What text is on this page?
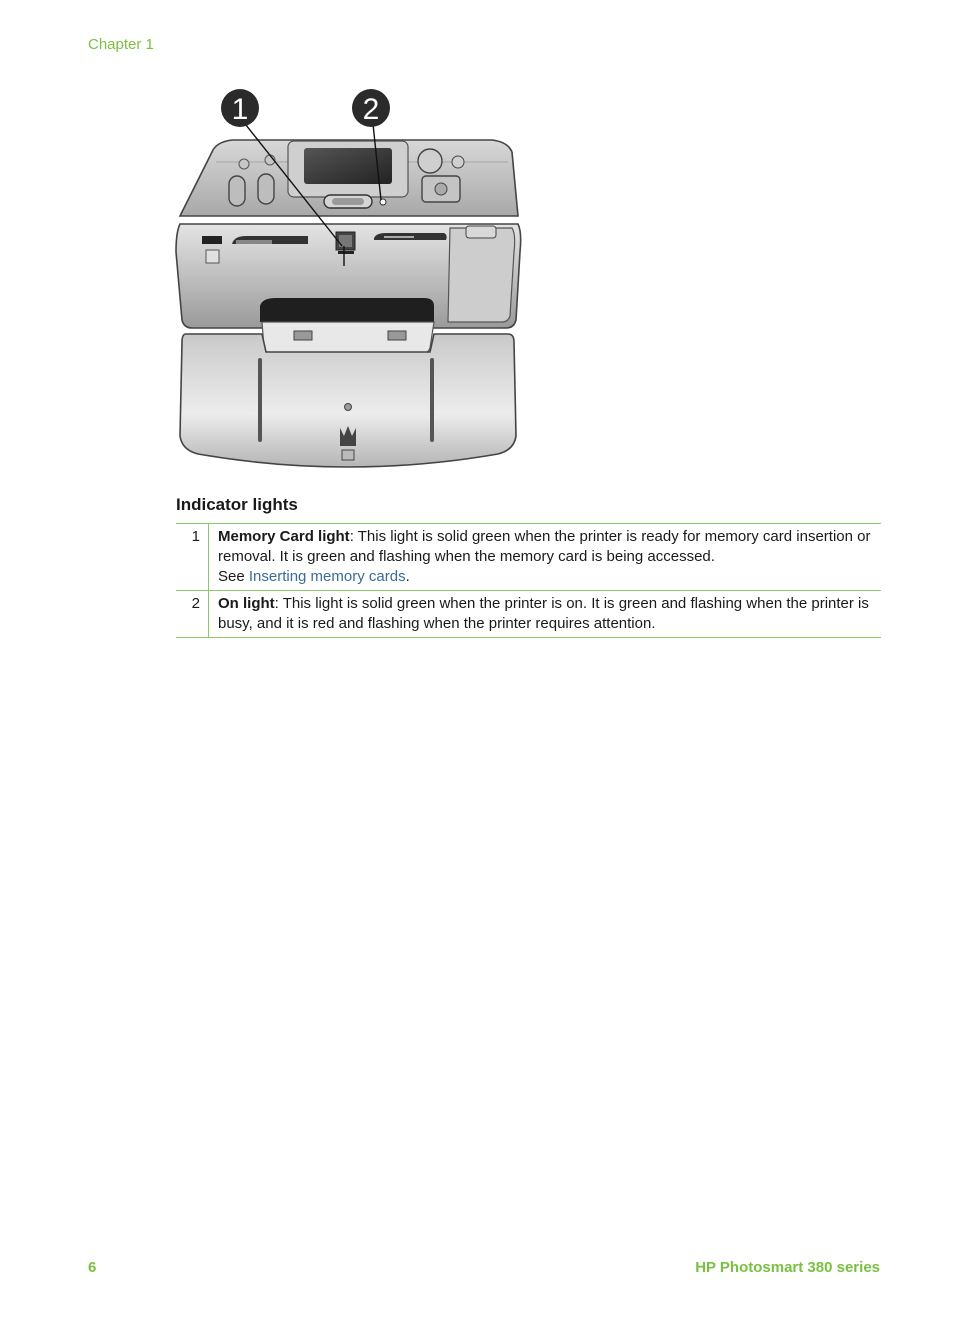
Chapter 1
1	2
Indicator lights
1	Memory Card light: This light is solid green when the printer is ready for memory card insertion or removal. It is green and flashing when the memory card is being accessed.
See Inserting memory cards.
2	On light: This light is solid green when the printer is on. It is green and flashing when the printer is busy, and it is red and flashing when the printer requires attention.
6	HP Photosmart 380 series
